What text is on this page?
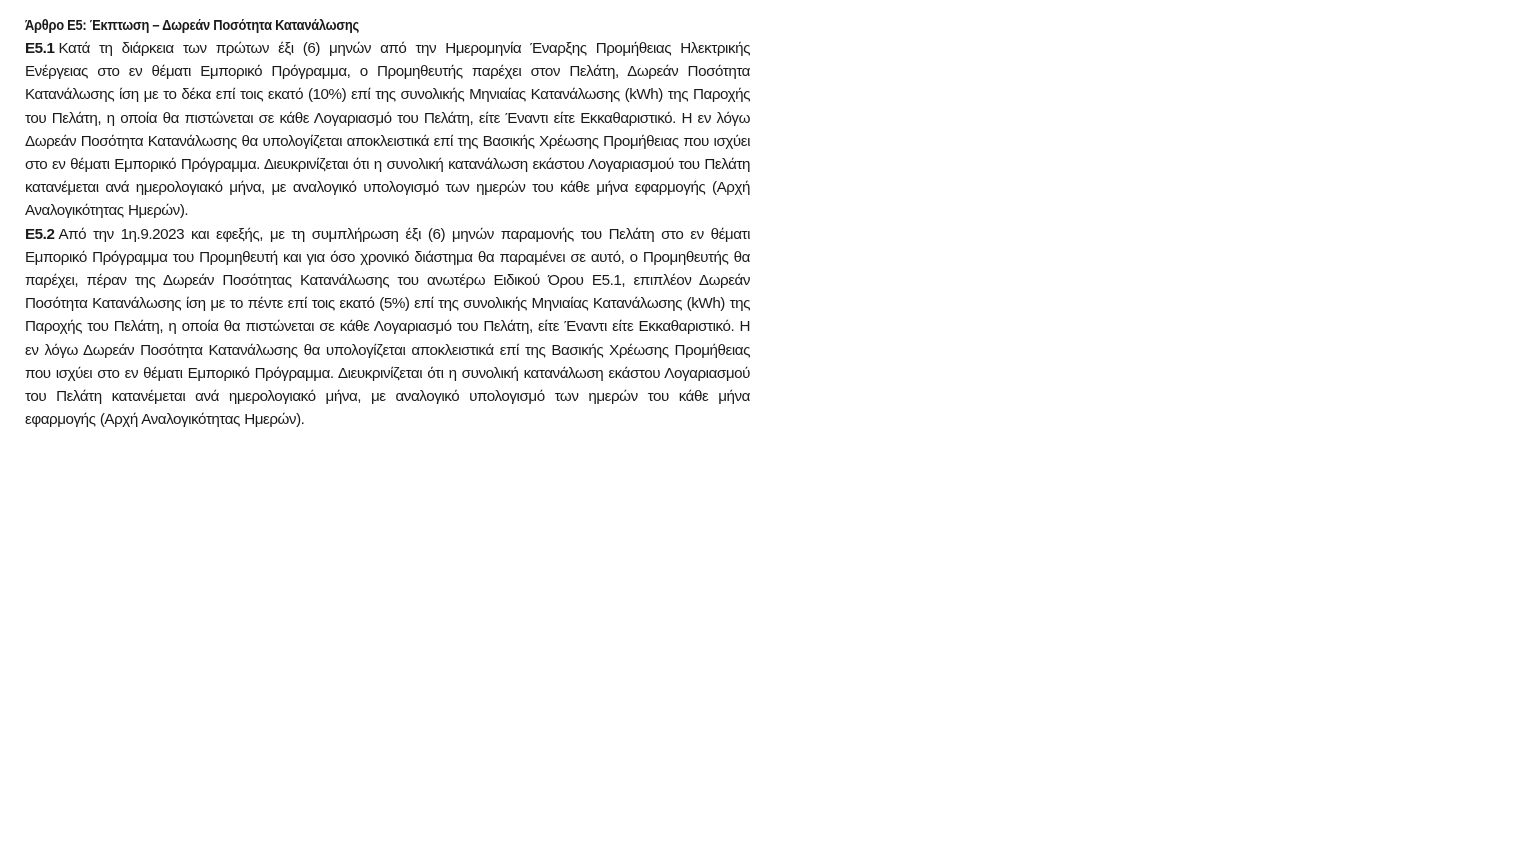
Άρθρο Ε5: Έκπτωση – Δωρεάν Ποσότητα Κατανάλωσης

Ε5.1 Κατά τη διάρκεια των πρώτων έξι (6) μηνών από την Ημερομηνία Έναρξης Προμήθειας Ηλεκτρικής Ενέργειας στο εν θέματι Εμπορικό Πρόγραμμα, ο Προμηθευτής παρέχει στον Πελάτη, Δωρεάν Ποσότητα Κατανάλωσης ίση με το δέκα επί τοις εκατό (10%) επί της συνολικής Μηνιαίας Κατανάλωσης (kWh) της Παροχής του Πελάτη, η οποία θα πιστώνεται σε κάθε Λογαριασμό του Πελάτη, είτε Έναντι είτε Εκκαθαριστικό. Η εν λόγω Δωρεάν Ποσότητα Κατανάλωσης θα υπολογίζεται αποκλειστικά επί της Βασικής Χρέωσης Προμήθειας που ισχύει στο εν θέματι Εμπορικό Πρόγραμμα. Διευκρινίζεται ότι η συνολική κατανάλωση εκάστου Λογαριασμού του Πελάτη κατανέμεται ανά ημερολογιακό μήνα, με αναλογικό υπολογισμό των ημερών του κάθε μήνα εφαρμογής (Αρχή Αναλογικότητας Ημερών).

Ε5.2 Από την 1η.9.2023 και εφεξής, με τη συμπλήρωση έξι (6) μηνών παραμονής του Πελάτη στο εν θέματι Εμπορικό Πρόγραμμα του Προμηθευτή και για όσο χρονικό διάστημα θα παραμένει σε αυτό, ο Προμηθευτής θα παρέχει, πέραν της Δωρεάν Ποσότητας Κατανάλωσης του ανωτέρω Ειδικού Όρου Ε5.1, επιπλέον Δωρεάν Ποσότητα Κατανάλωσης ίση με το πέντε επί τοις εκατό (5%) επί της συνολικής Μηνιαίας Κατανάλωσης (kWh) της Παροχής του Πελάτη, η οποία θα πιστώνεται σε κάθε Λογαριασμό του Πελάτη, είτε Έναντι είτε Εκκαθαριστικό. Η εν λόγω Δωρεάν Ποσότητα Κατανάλωσης θα υπολογίζεται αποκλειστικά επί της Βασικής Χρέωσης Προμήθειας που ισχύει στο εν θέματι Εμπορικό Πρόγραμμα. Διευκρινίζεται ότι η συνολική κατανάλωση εκάστου Λογαριασμού του Πελάτη κατανέμεται ανά ημερολογιακό μήνα, με αναλογικό υπολογισμό των ημερών του κάθε μήνα εφαρμογής (Αρχή Αναλογικότητας Ημερών).
